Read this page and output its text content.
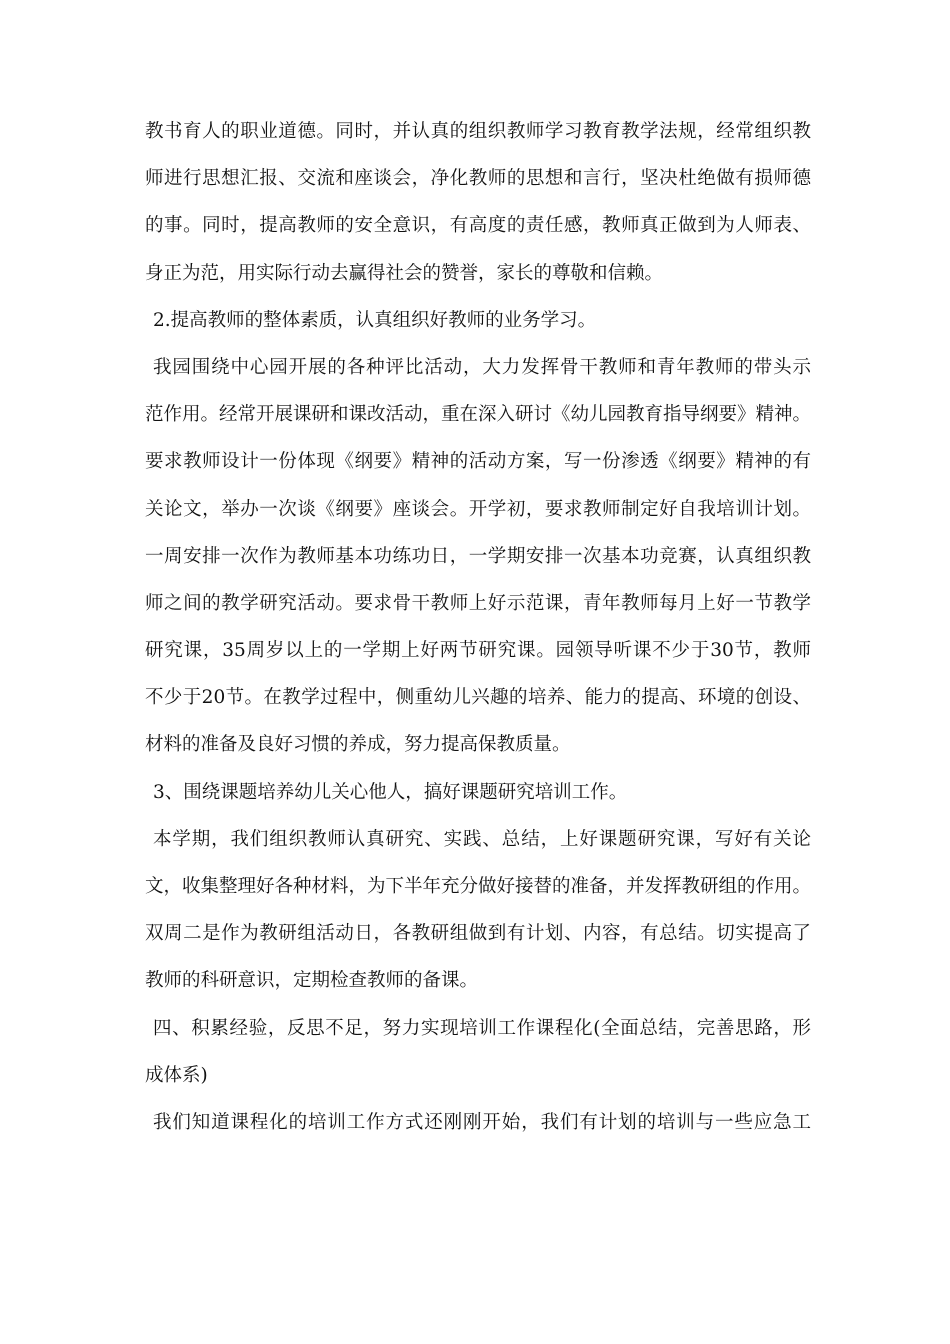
教书育人的职业道德。同时，并认真的组织教师学习教育教学法规，经常组织教
师进行思想汇报、交流和座谈会，净化教师的思想和言行，坚决杜绝做有损师德
的事。同时，提高教师的安全意识，有高度的责任感，教师真正做到为人师表、
身正为范，用实际行动去赢得社会的赞誉，家长的尊敬和信赖。
2.提高教师的整体素质，认真组织好教师的业务学习。
我园围绕中心园开展的各种评比活动，大力发挥骨干教师和青年教师的带头示
范作用。经常开展课研和课改活动，重在深入研讨《幼儿园教育指导纲要》精神。
要求教师设计一份体现《纲要》精神的活动方案，写一份渗透《纲要》精神的有
关论文，举办一次谈《纲要》座谈会。开学初，要求教师制定好自我培训计划。
一周安排一次作为教师基本功练功日，一学期安排一次基本功竞赛，认真组织教
师之间的教学研究活动。要求骨干教师上好示范课，青年教师每月上好一节教学
研究课，35周岁以上的一学期上好两节研究课。园领导听课不少于30节，教师
不少于20节。在教学过程中，侧重幼儿兴趣的培养、能力的提高、环境的创设、
材料的准备及良好习惯的养成，努力提高保教质量。
3、围绕课题培养幼儿关心他人，搞好课题研究培训工作。
本学期，我们组织教师认真研究、实践、总结，上好课题研究课，写好有关论
文，收集整理好各种材料，为下半年充分做好接替的准备，并发挥教研组的作用。
双周二是作为教研组活动日，各教研组做到有计划、内容，有总结。切实提高了
教师的科研意识，定期检查教师的备课。
四、积累经验，反思不足，努力实现培训工作课程化(全面总结，完善思路，形
成体系)
我们知道课程化的培训工作方式还刚刚开始，我们有计划的培训与一些应急工
